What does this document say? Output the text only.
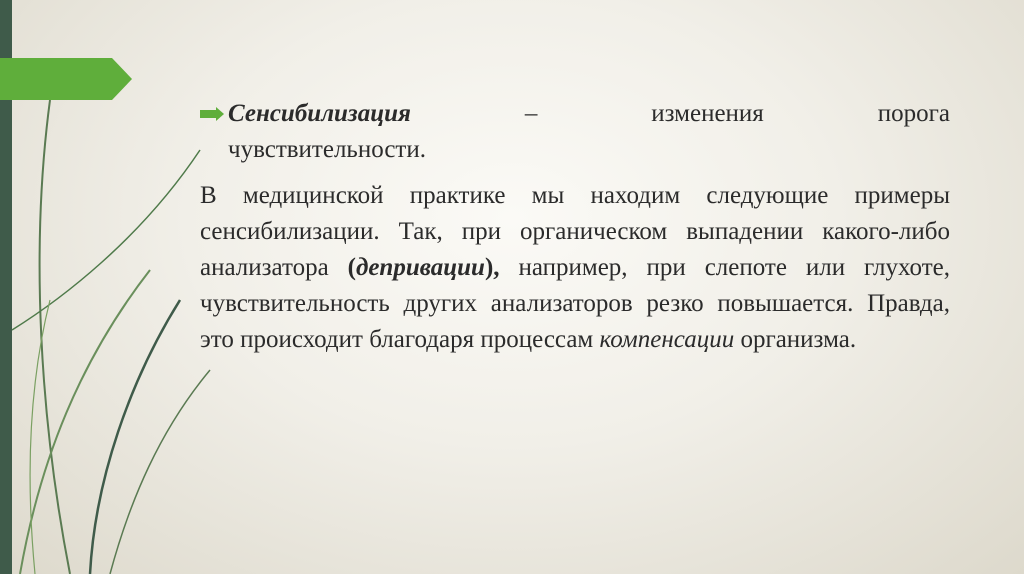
Сенсибилизация	–	изменения	порога
чувствительности.
В медицинской практике мы находим следующие примеры сенсибилизации. Так, при органическом выпадении какого-либо анализатора (депривации), например, при слепоте или глухоте, чувствительность других анализаторов резко повышается. Правда, это происходит благодаря процессам компенсации организма.
